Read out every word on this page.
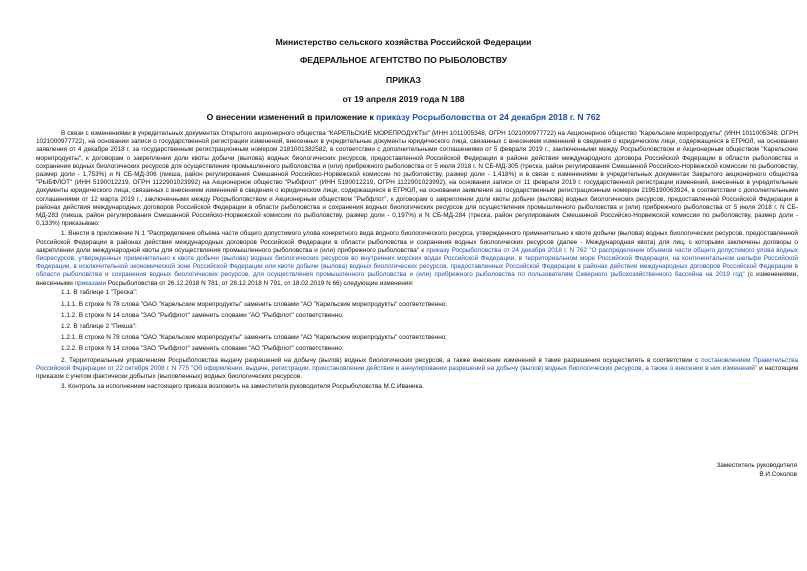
Министерство сельского хозяйства Российской Федерации
ФЕДЕРАЛЬНОЕ АГЕНТСТВО ПО РЫБОЛОВСТВУ
ПРИКАЗ
от 19 апреля 2019 года N 188
О внесении изменений в приложение к приказу Росрыболовства от 24 декабря 2018 г. N 762

В связи с изменениями в учредительных документах Открытого акционерного общества "КАРЕЛЬСКИЕ МОРЕПРОДУКТЫ" (ИНН 1011005348, ОГРН 1021000977722) на Акционерное общество "Карельские морепродукты" (ИНН 1011005348, ОГРН 1021000977722), на основании записи о государственной регистрации изменений, внесенных в учредительные документы юридического лица, связанных с внесением изменений в сведения о юридическом лице, содержащиеся в ЕГРЮЛ, на основании заявления от 4 декабря 2018 г. за государственным регистрационным номером 2181001382582, в соответствии с дополнительными соглашениями от 5 февраля 2019 г., заключенными между Росрыболовством и Акционерным обществом "Карельские морепродукты", к договорам о закреплении доли квоты добычи (вылова) водных биологических ресурсов, предоставленной Российской Федерации в районе действия международного договора Российской Федерации в области рыболовства и сохранения водных биологических ресурсов для осуществления промышленного рыболовства и (или) прибрежного рыболовства от 5 июля 2018 г. N СБ-МД-305 (треска, район регулирования Смешанной Российско-Норвежской комиссии по рыболовству, размер доли - 1,753%) и N СБ-МД-306 (пикша, район регулирования Смешанной Российско-Норвежской комиссии по рыболовству, размер доли - 1,418%) и в связи с изменениями в учредительных документах Закрытого акционерного общества "РЫБФЛОТ" (ИНН 5190012219, ОГРН 1122901023992) на Акционерное общество "Рыбфлот" (ИНН 5190012219, ОГРН 1122901023992), на основании записи от 11 февраля 2019 г. государственной регистрации изменений, внесенных в учредительные документы юридического лица, связанных с внесением изменений в сведения о юридическом лице, содержащиеся в ЕГРЮЛ, на основании заявления за государственным регистрационным номером 2195190063924, в соответствии с дополнительными соглашениями от 12 марта 2019 г., заключенными между Росрыболовством и Акционерным обществом "Рыбфлот", к договорам о закреплении доли квоты добычи (вылова) водных биологических ресурсов, предоставленной Российской Федерации в районах действия международных договоров Российской Федерации в области рыболовства и сохранения водных биологических ресурсов для осуществления промышленного рыболовства и (или) прибрежного рыболовства от 5 июля 2018 г. N СБ-МД-283 (пикша, район регулирования Смешанной Российско-Норвежской комиссии по рыболовству, размер доли - 0,197%) и N СБ-МД-284 (треска, район регулирования Смешанной Российско-Норвежской комиссии по рыболовству, размер доли - 0,133%) приказываю:

1. Внести в приложение N 1 "Распределение объема части общего допустимого улова конкретного вида водного биологического ресурса, утвержденного применительно к квоте добычи (вылова) водных биологических ресурсов, предоставленной Российской Федерации в районах действия международных договоров Российской Федерации в области рыболовства и сохранения водных биологических ресурсов (далее - Международная квота) для лиц, с которыми заключены договоры о закреплении доли международной квоты для осуществления промышленного рыболовства и (или) прибрежного рыболовства" к приказу Росрыболовства от 24 декабря 2018 г. N 762 "О распределении объемов части общего допустимого улова водных биоресурсов, утвержденных применительно к квоте добычи (вылова) водных биологических ресурсов во внутренних морских водах Российской Федерации, в территориальном море Российской Федерации, на континентальном шельфе Российской Федерации, в исключительной экономической зоне Российской Федерации или квоте добычи (вылова) водных биологических ресурсов, предоставленных Российской Федерации в районах действия международных договоров Российской Федерации в области рыболовства и сохранения водных биологических ресурсов, для осуществления промышленного рыболовства и (или) прибрежного рыболовства по пользователям Северного рыбохозяйственного бассейна на 2019 год" (с изменениями, внесенными приказами Росрыболовства от 26.12.2018 N 781, от 28.12.2018 N 791, от 18.02.2019 N 66) следующие изменения:

1.1. В таблице 1 "Треска":

1.1.1. В строке N 78 слова "ОАО "Карельские морепродукты" заменить словами "АО "Карельские морепродукты" соответственно;

1.1.2. В строке N 14 слова "ЗАО "Рыбфлот" заменить словами "АО "Рыбфлот" соответственно.

1.2. В таблице 2 "Пикша":

1.2.1. В строке N 78 слова "ОАО "Карельские морепродукты" заменить словами "АО "Карельские морепродукты" соответственно;

1.2.2. В строке N 14 слова "ЗАО "Рыбфлот" заменить словами "АО "Рыбфлот" соответственно.

2. Территориальным управлениям Росрыболовства выдачу разрешений на добычу (вылов) водных биологических ресурсов, а также внесение изменений в такие разрешения осуществлять в соответствии с постановлением Правительства Российской Федерации от 22 октября 2008 г. N 775 "Об оформлении, выдаче, регистрации, приостановлении действия и аннулировании разрешений на добычу (вылов) водных биологических ресурсов, а также о внесении в них изменений" и настоящим приказом с учетом фактически добытых (выловленных) водных биологических ресурсов.

3. Контроль за исполнением настоящего приказа возложить на заместителя руководителя Росрыболовства М.С.Иваника.

Заместитель руководителя
В.И.Соколов
